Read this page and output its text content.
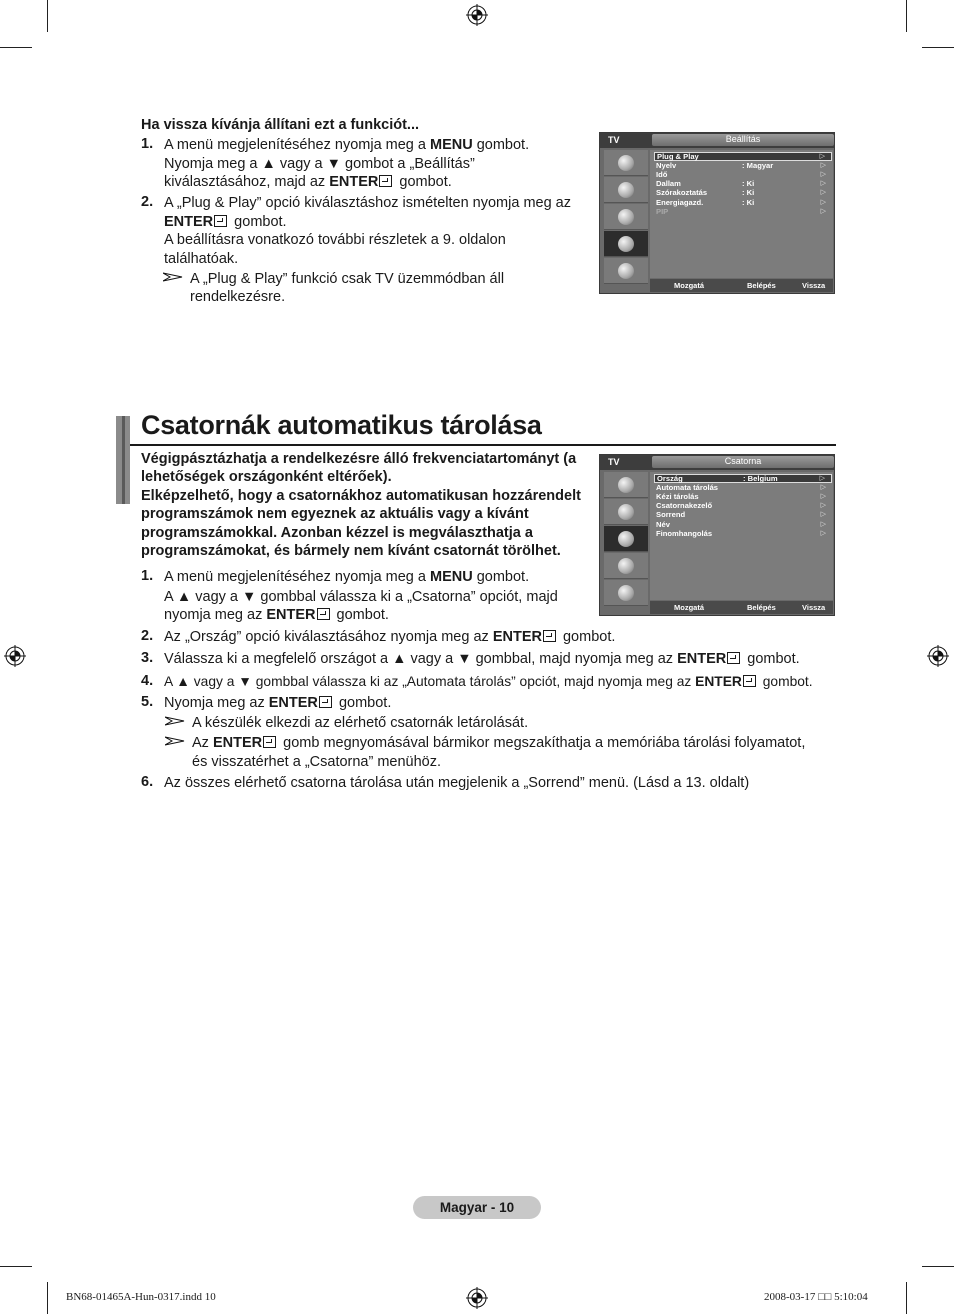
Ha vissza kívánja állítani ezt a funkciót...
1. A menü megjelenítéséhez nyomja meg a MENU gombot.
Nyomja meg a ▲ vagy a ▼ gombot a „Beállítás”
kiválasztásához, majd az ENTER gombot.
2. A „Plug & Play” opció kiválasztáshoz ismételten nyomja meg az
ENTER gombot.
A beállításra vonatkozó további részletek a 9. oldalon
találhatóak.
A „Plug & Play” funkció csak TV üzemmódban áll
rendelkezésre.
TV	Beállítás
Plug & Play	▷
Nyelv	: Magyar	▷
Idő	▷
Dallam	: Ki	▷
Szórakoztatás	: Ki	▷
Energiagazd.	: Ki	▷
PIP	▷
Mozgatá	Belépés	Vissza
Csatornák automatikus tárolása
Végigpásztázhatja a rendelkezésre álló frekvenciatartományt (a
lehetőségek országonként eltérőek).
Elképzelhető, hogy a csatornákhoz automatikusan hozzárendelt
programszámok nem egyeznek az aktuális vagy a kívánt
programszámokkal. Azonban kézzel is megválaszthatja a
programszámokat, és bármely nem kívánt csatornát törölhet.
TV	Csatorna
Ország	: Belgium	▷
Automata tárolás	▷
Kézi tárolás	▷
Csatornakezelő	▷
Sorrend	▷
Név	▷
Finomhangolás	▷
Mozgatá	Belépés	Vissza
1. A menü megjelenítéséhez nyomja meg a MENU gombot.
A ▲ vagy a ▼ gombbal válassza ki a „Csatorna” opciót, majd
nyomja meg az ENTER gombot.
2. Az „Ország” opció kiválasztásához nyomja meg az ENTER gombot.
3. Válassza ki a megfelelő országot a ▲ vagy a ▼ gombbal, majd nyomja meg az ENTER gombot.
4. A ▲ vagy a ▼ gombbal válassza ki az „Automata tárolás” opciót, majd nyomja meg az ENTER gombot.
5. Nyomja meg az ENTER gombot.
A készülék elkezdi az elérhető csatornák letárolását.
Az ENTER gomb megnyomásával bármikor megszakíthatja a memóriába tárolási folyamatot,
és visszatérhet a „Csatorna” menühöz.
6. Az összes elérhető csatorna tárolása után megjelenik a „Sorrend” menü. (Lásd a 13. oldalt)
Magyar - 10
BN68-01465A-Hun-0317.indd 10	2008-03-17 □□ 5:10:04
